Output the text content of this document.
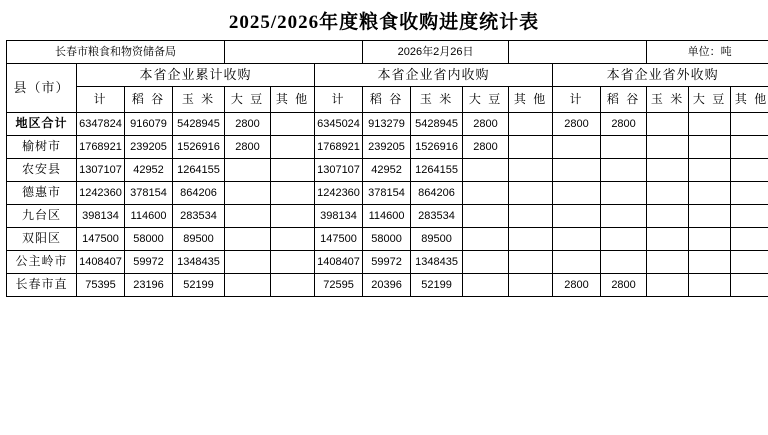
2025/2026年度粮食收购进度统计表
长春市粮食和物资储备局							2026年2月26日						单位：吨		
县（市）	本省企业累计收购					本省企业省内收购					本省企业省外收购				
	计	稻 谷	玉 米	大 豆	其 他	计	稻 谷	玉 米	大 豆	其 他	计	稻 谷	玉 米	大 豆	其 他
地区合计	6347824	916079	5428945	2800		6345024	913279	5428945	2800		2800	2800			
榆树市	1768921	239205	1526916	2800		1768921	239205	1526916	2800						
农安县	1307107	42952	1264155			1307107	42952	1264155							
德惠市	1242360	378154	864206			1242360	378154	864206							
九台区	398134	114600	283534			398134	114600	283534							
双阳区	147500	58000	89500			147500	58000	89500							
公主岭市	1408407	59972	1348435			1408407	59972	1348435							
长春市直	75395	23196	52199			72595	20396	52199			2800	2800			
